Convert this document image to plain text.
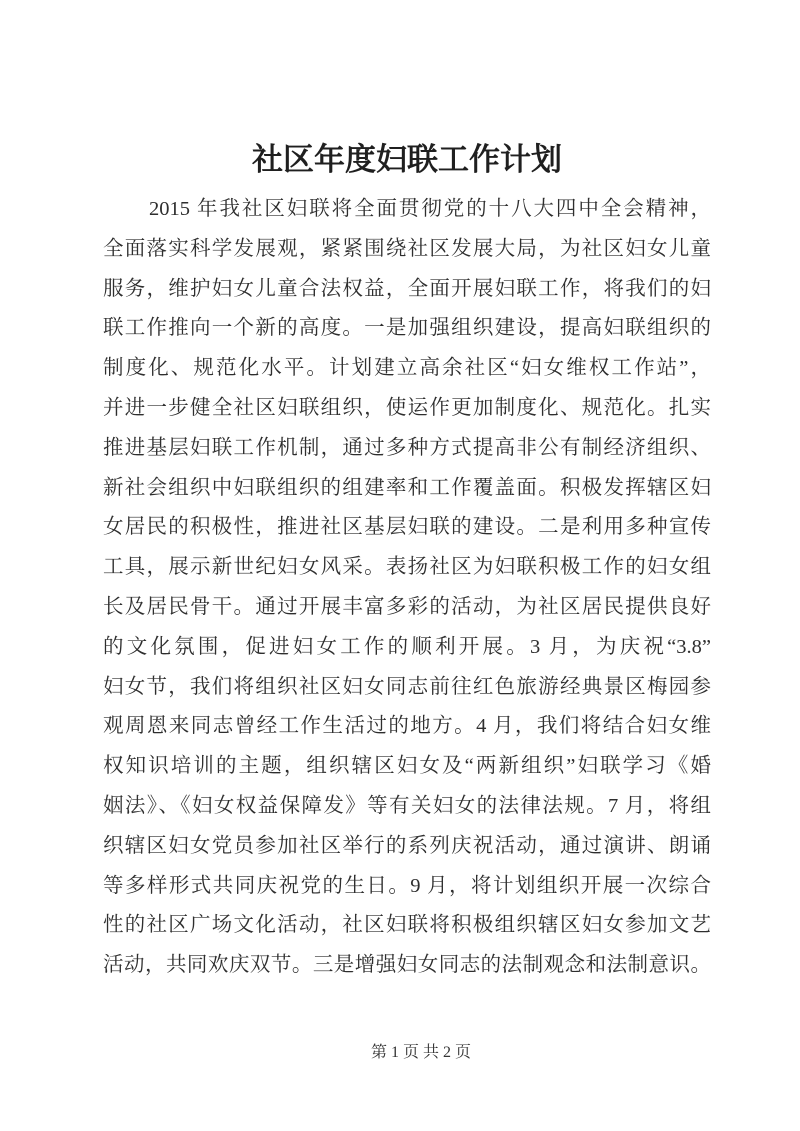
社区年度妇联工作计划
2015 年我社区妇联将全面贯彻党的十八大四中全会精神，
全面落实科学发展观，紧紧围绕社区发展大局，为社区妇女儿童
服务，维护妇女儿童合法权益，全面开展妇联工作，将我们的妇
联工作推向一个新的高度。一是加强组织建设，提高妇联组织的
制度化、规范化水平。计划建立高余社区“妇女维权工作站”，
并进一步健全社区妇联组织，使运作更加制度化、规范化。扎实
推进基层妇联工作机制，通过多种方式提高非公有制经济组织、
新社会组织中妇联组织的组建率和工作覆盖面。积极发挥辖区妇
女居民的积极性，推进社区基层妇联的建设。二是利用多种宣传
工具，展示新世纪妇女风采。表扬社区为妇联积极工作的妇女组
长及居民骨干。通过开展丰富多彩的活动，为社区居民提供良好
的文化氛围，促进妇女工作的顺利开展。3 月，为庆祝“3.8”
妇女节，我们将组织社区妇女同志前往红色旅游经典景区梅园参
观周恩来同志曾经工作生活过的地方。4 月，我们将结合妇女维
权知识培训的主题，组织辖区妇女及“两新组织”妇联学习《婚
姻法》、《妇女权益保障发》等有关妇女的法律法规。7 月，将组
织辖区妇女党员参加社区举行的系列庆祝活动，通过演讲、朗诵
等多样形式共同庆祝党的生日。9 月，将计划组织开展一次综合
性的社区广场文化活动，社区妇联将积极组织辖区妇女参加文艺
活动，共同欢庆双节。三是增强妇女同志的法制观念和法制意识。
第 1 页 共 2 页
